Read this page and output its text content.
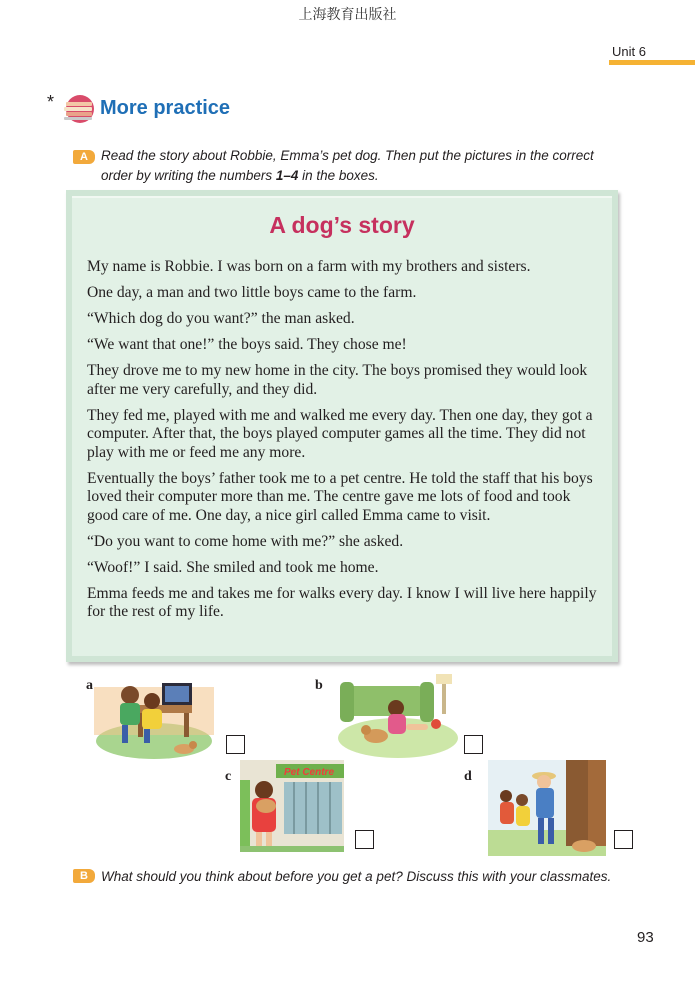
上海教育出版社
Unit 6
* More practice
A Read the story about Robbie, Emma’s pet dog. Then put the pictures in the correct
order by writing the numbers 1–4 in the boxes.
A dog’s story

My name is Robbie. I was born on a farm with my brothers and sisters.

One day, a man and two little boys came to the farm.

“Which dog do you want?” the man asked.

“We want that one!” the boys said. They chose me!

They drove me to my new home in the city. The boys promised they would look after me very carefully, and they did.

They fed me, played with me and walked me every day. Then one day, they got a computer. After that, the boys played computer games all the time. They did not play with me or feed me any more.

Eventually the boys’ father took me to a pet centre. He told the staff that his boys loved their computer more than me. The centre gave me lots of food and took good care of me. One day, a nice girl called Emma came to visit.

“Do you want to come home with me?” she asked.

“Woof!” I said. She smiled and took me home.

Emma feeds me and takes me for walks every day. I know I will live here happily for the rest of my life.

a	b
c	Pet Centre	d
B What should you think about before you get a pet? Discuss this with your classmates.
93
